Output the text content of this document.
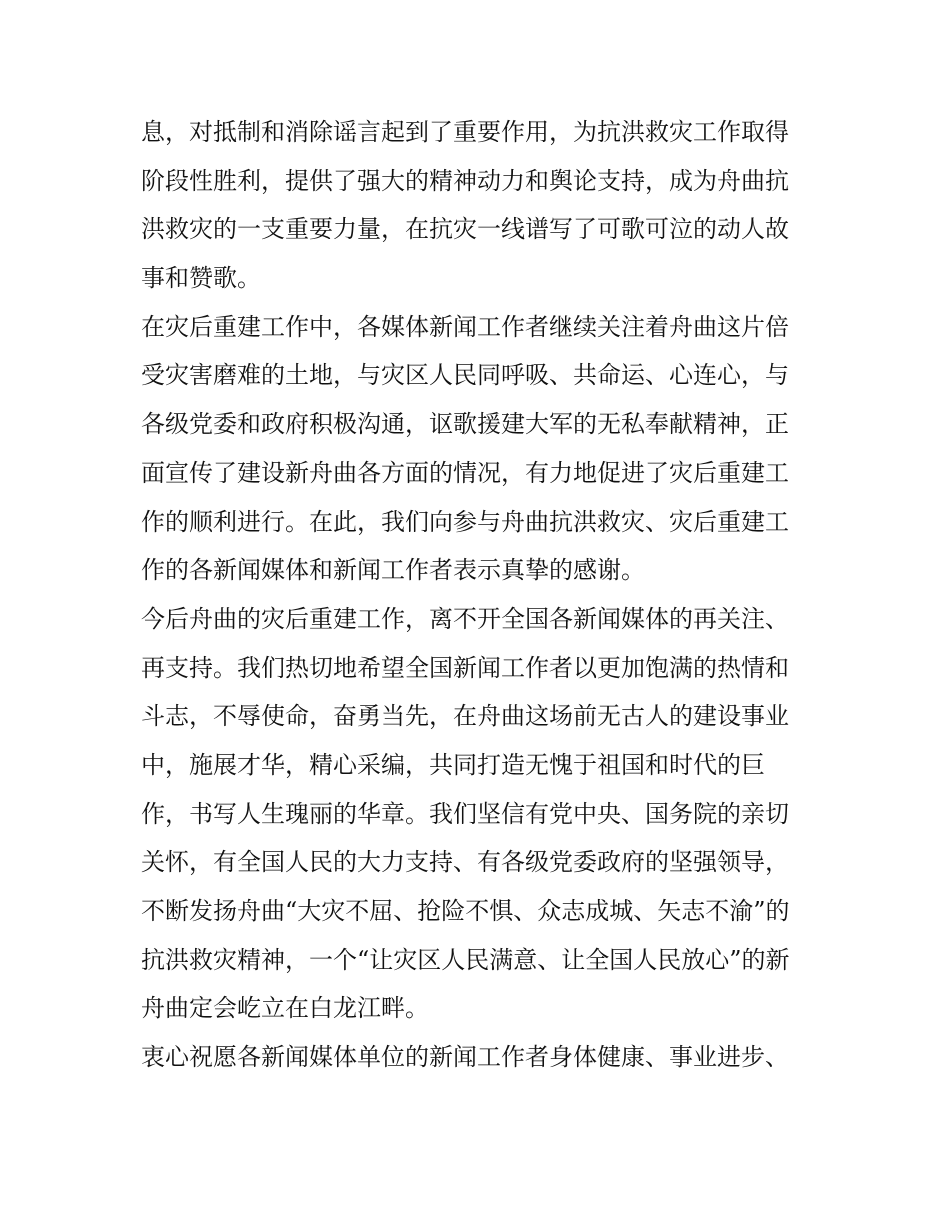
息，对抵制和消除谣言起到了重要作用，为抗洪救灾工作取得
阶段性胜利，提供了强大的精神动力和舆论支持，成为舟曲抗
洪救灾的一支重要力量，在抗灾一线谱写了可歌可泣的动人故
事和赞歌。
在灾后重建工作中，各媒体新闻工作者继续关注着舟曲这片倍
受灾害磨难的土地，与灾区人民同呼吸、共命运、心连心，与
各级党委和政府积极沟通，讴歌援建大军的无私奉献精神，正
面宣传了建设新舟曲各方面的情况，有力地促进了灾后重建工
作的顺利进行。在此，我们向参与舟曲抗洪救灾、灾后重建工
作的各新闻媒体和新闻工作者表示真挚的感谢。
今后舟曲的灾后重建工作，离不开全国各新闻媒体的再关注、
再支持。我们热切地希望全国新闻工作者以更加饱满的热情和
斗志，不辱使命，奋勇当先，在舟曲这场前无古人的建设事业
中，施展才华，精心采编，共同打造无愧于祖国和时代的巨
作，书写人生瑰丽的华章。我们坚信有党中央、国务院的亲切
关怀，有全国人民的大力支持、有各级党委政府的坚强领导，
不断发扬舟曲“大灾不屈、抢险不惧、众志成城、矢志不渝”的
抗洪救灾精神，一个“让灾区人民满意、让全国人民放心”的新
舟曲定会屹立在白龙江畔。
衷心祝愿各新闻媒体单位的新闻工作者身体健康、事业进步、
